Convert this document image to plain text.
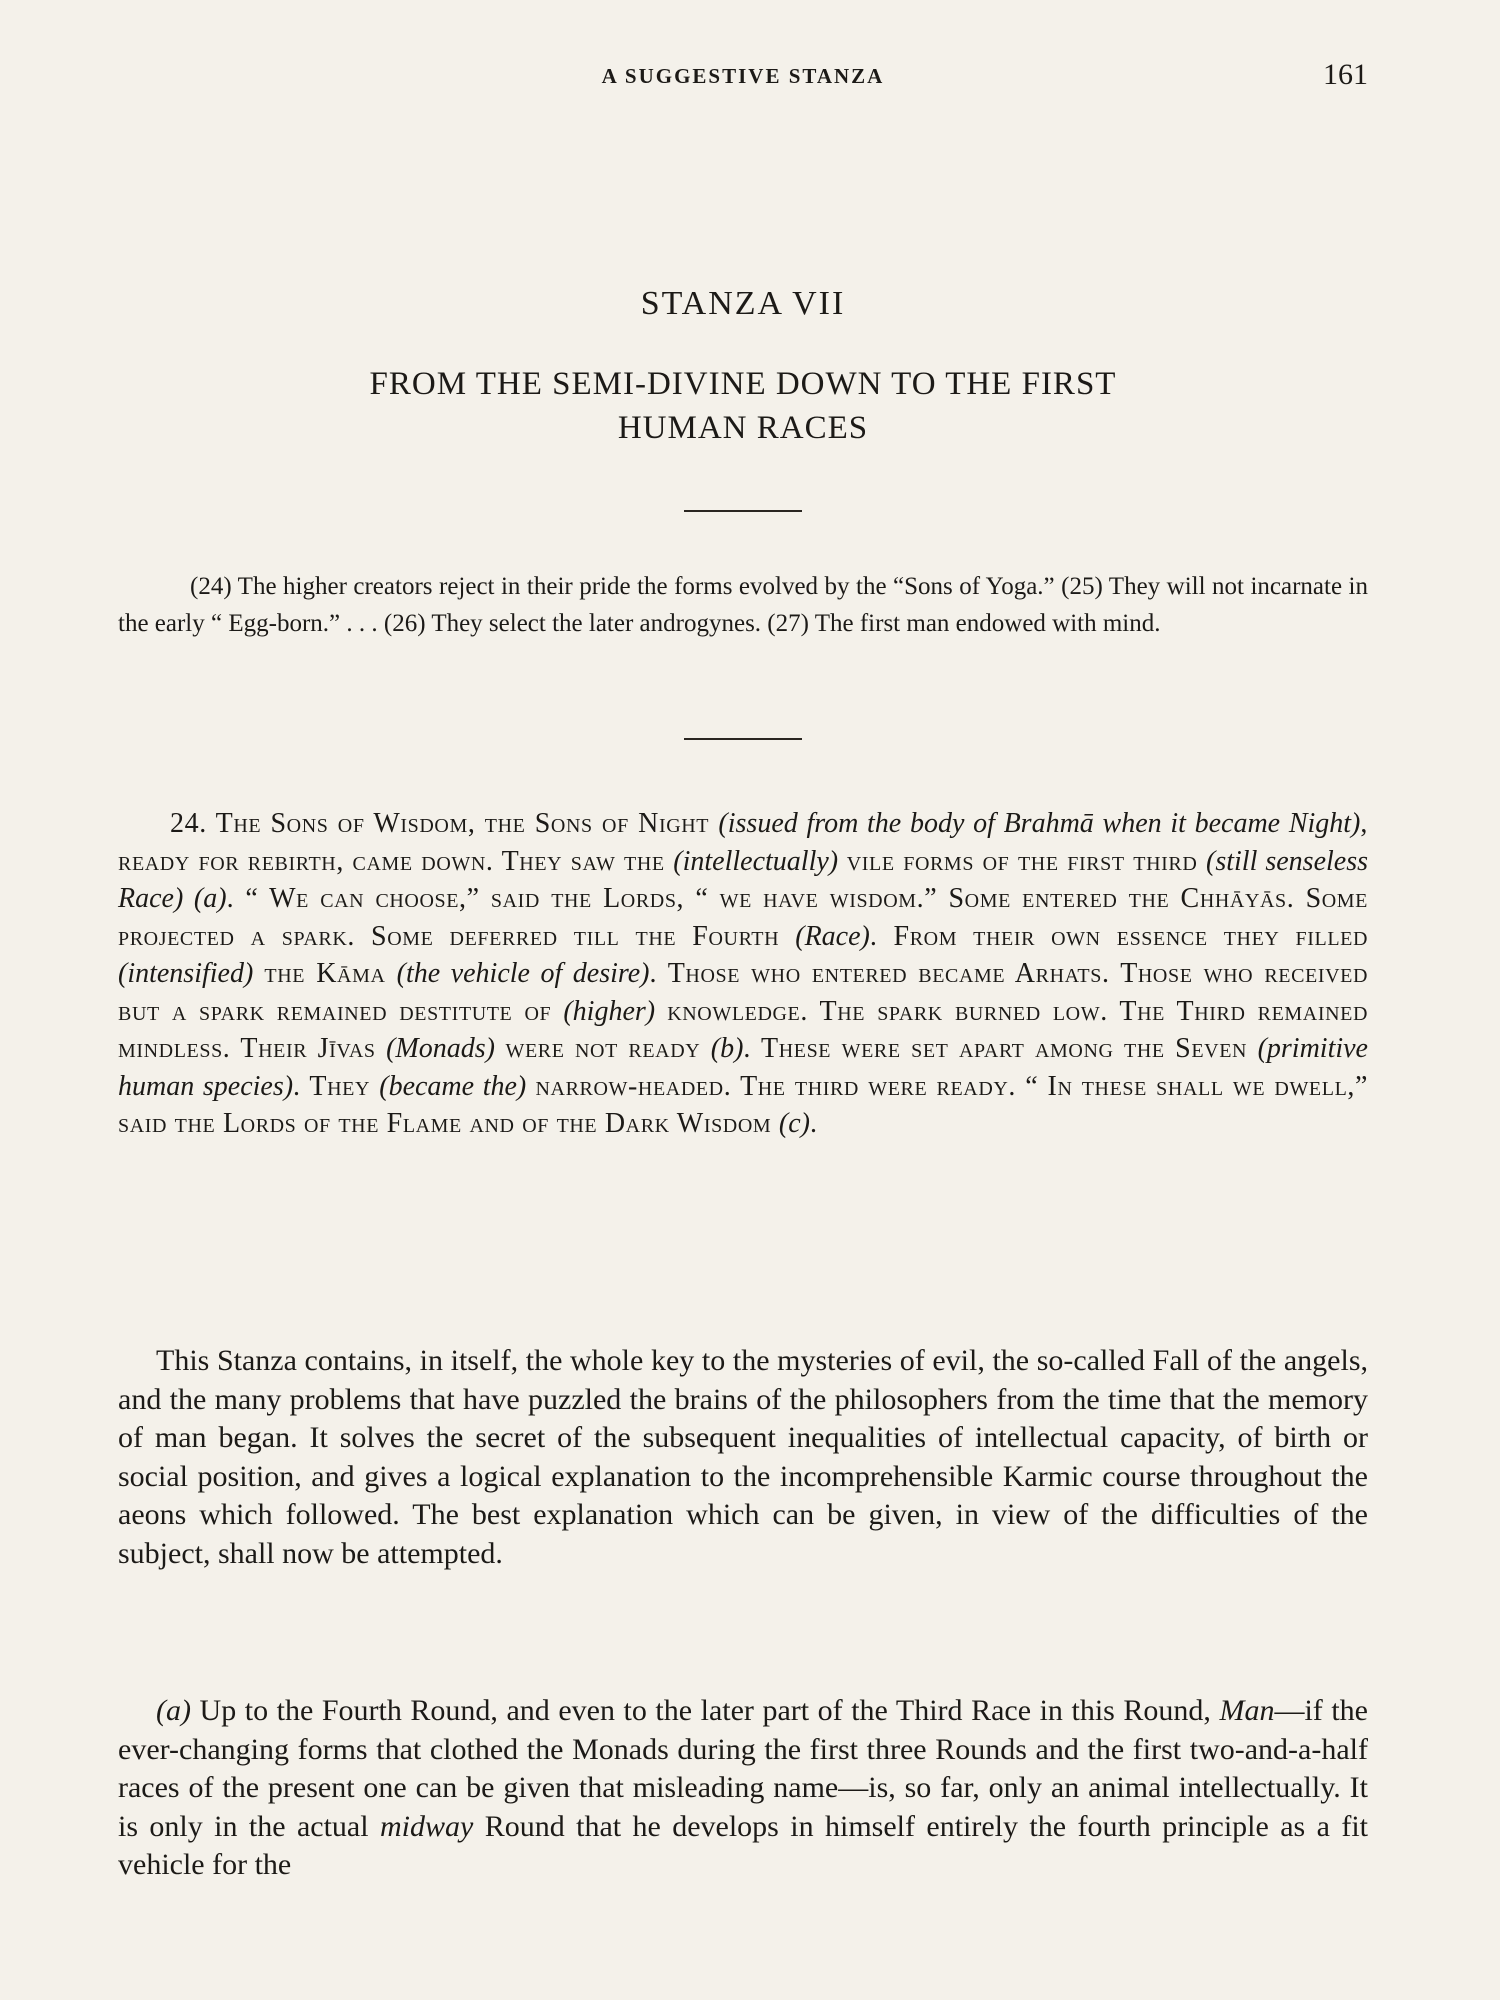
A SUGGESTIVE STANZA	161
STANZA VII
FROM THE SEMI-DIVINE DOWN TO THE FIRST
HUMAN RACES

(24) The higher creators reject in their pride the forms evolved by the “Sons of Yoga.” (25) They will not incarnate in the early “ Egg-born.” . . . (26) They select the later androgynes. (27) The first man endowed with mind.

24. The Sons of Wisdom, the Sons of Night (issued from the body of Brahmā when it became Night), ready for rebirth, came down. They saw the (intellectually) vile forms of the first third (still senseless Race) (a). “ We can choose,” said the Lords, “ we have wisdom.” Some entered the Chhāyās. Some projected a spark. Some deferred till the Fourth (Race). From their own essence they filled (intensified) the Kāma (the vehicle of desire). Those who entered became Arhats. Those who received but a spark remained destitute of (higher) knowledge. The spark burned low. The Third remained mindless. Their Jīvas (Monads) were not ready (b). These were set apart among the Seven (primitive human species). They (became the) narrow-headed. The third were ready. “ In these shall we dwell,” said the Lords of the Flame and of the Dark Wisdom (c).

This Stanza contains, in itself, the whole key to the mysteries of evil, the so-called Fall of the angels, and the many problems that have puzzled the brains of the philosophers from the time that the memory of man began. It solves the secret of the subsequent inequalities of intellectual capacity, of birth or social position, and gives a logical explanation to the incomprehensible Karmic course throughout the aeons which followed. The best explanation which can be given, in view of the difficulties of the subject, shall now be attempted.

(a) Up to the Fourth Round, and even to the later part of the Third Race in this Round, Man—if the ever-changing forms that clothed the Monads during the first three Rounds and the first two-and-a-half races of the present one can be given that misleading name—is, so far, only an animal intellectually. It is only in the actual midway Round that he develops in himself entirely the fourth principle as a fit vehicle for the
